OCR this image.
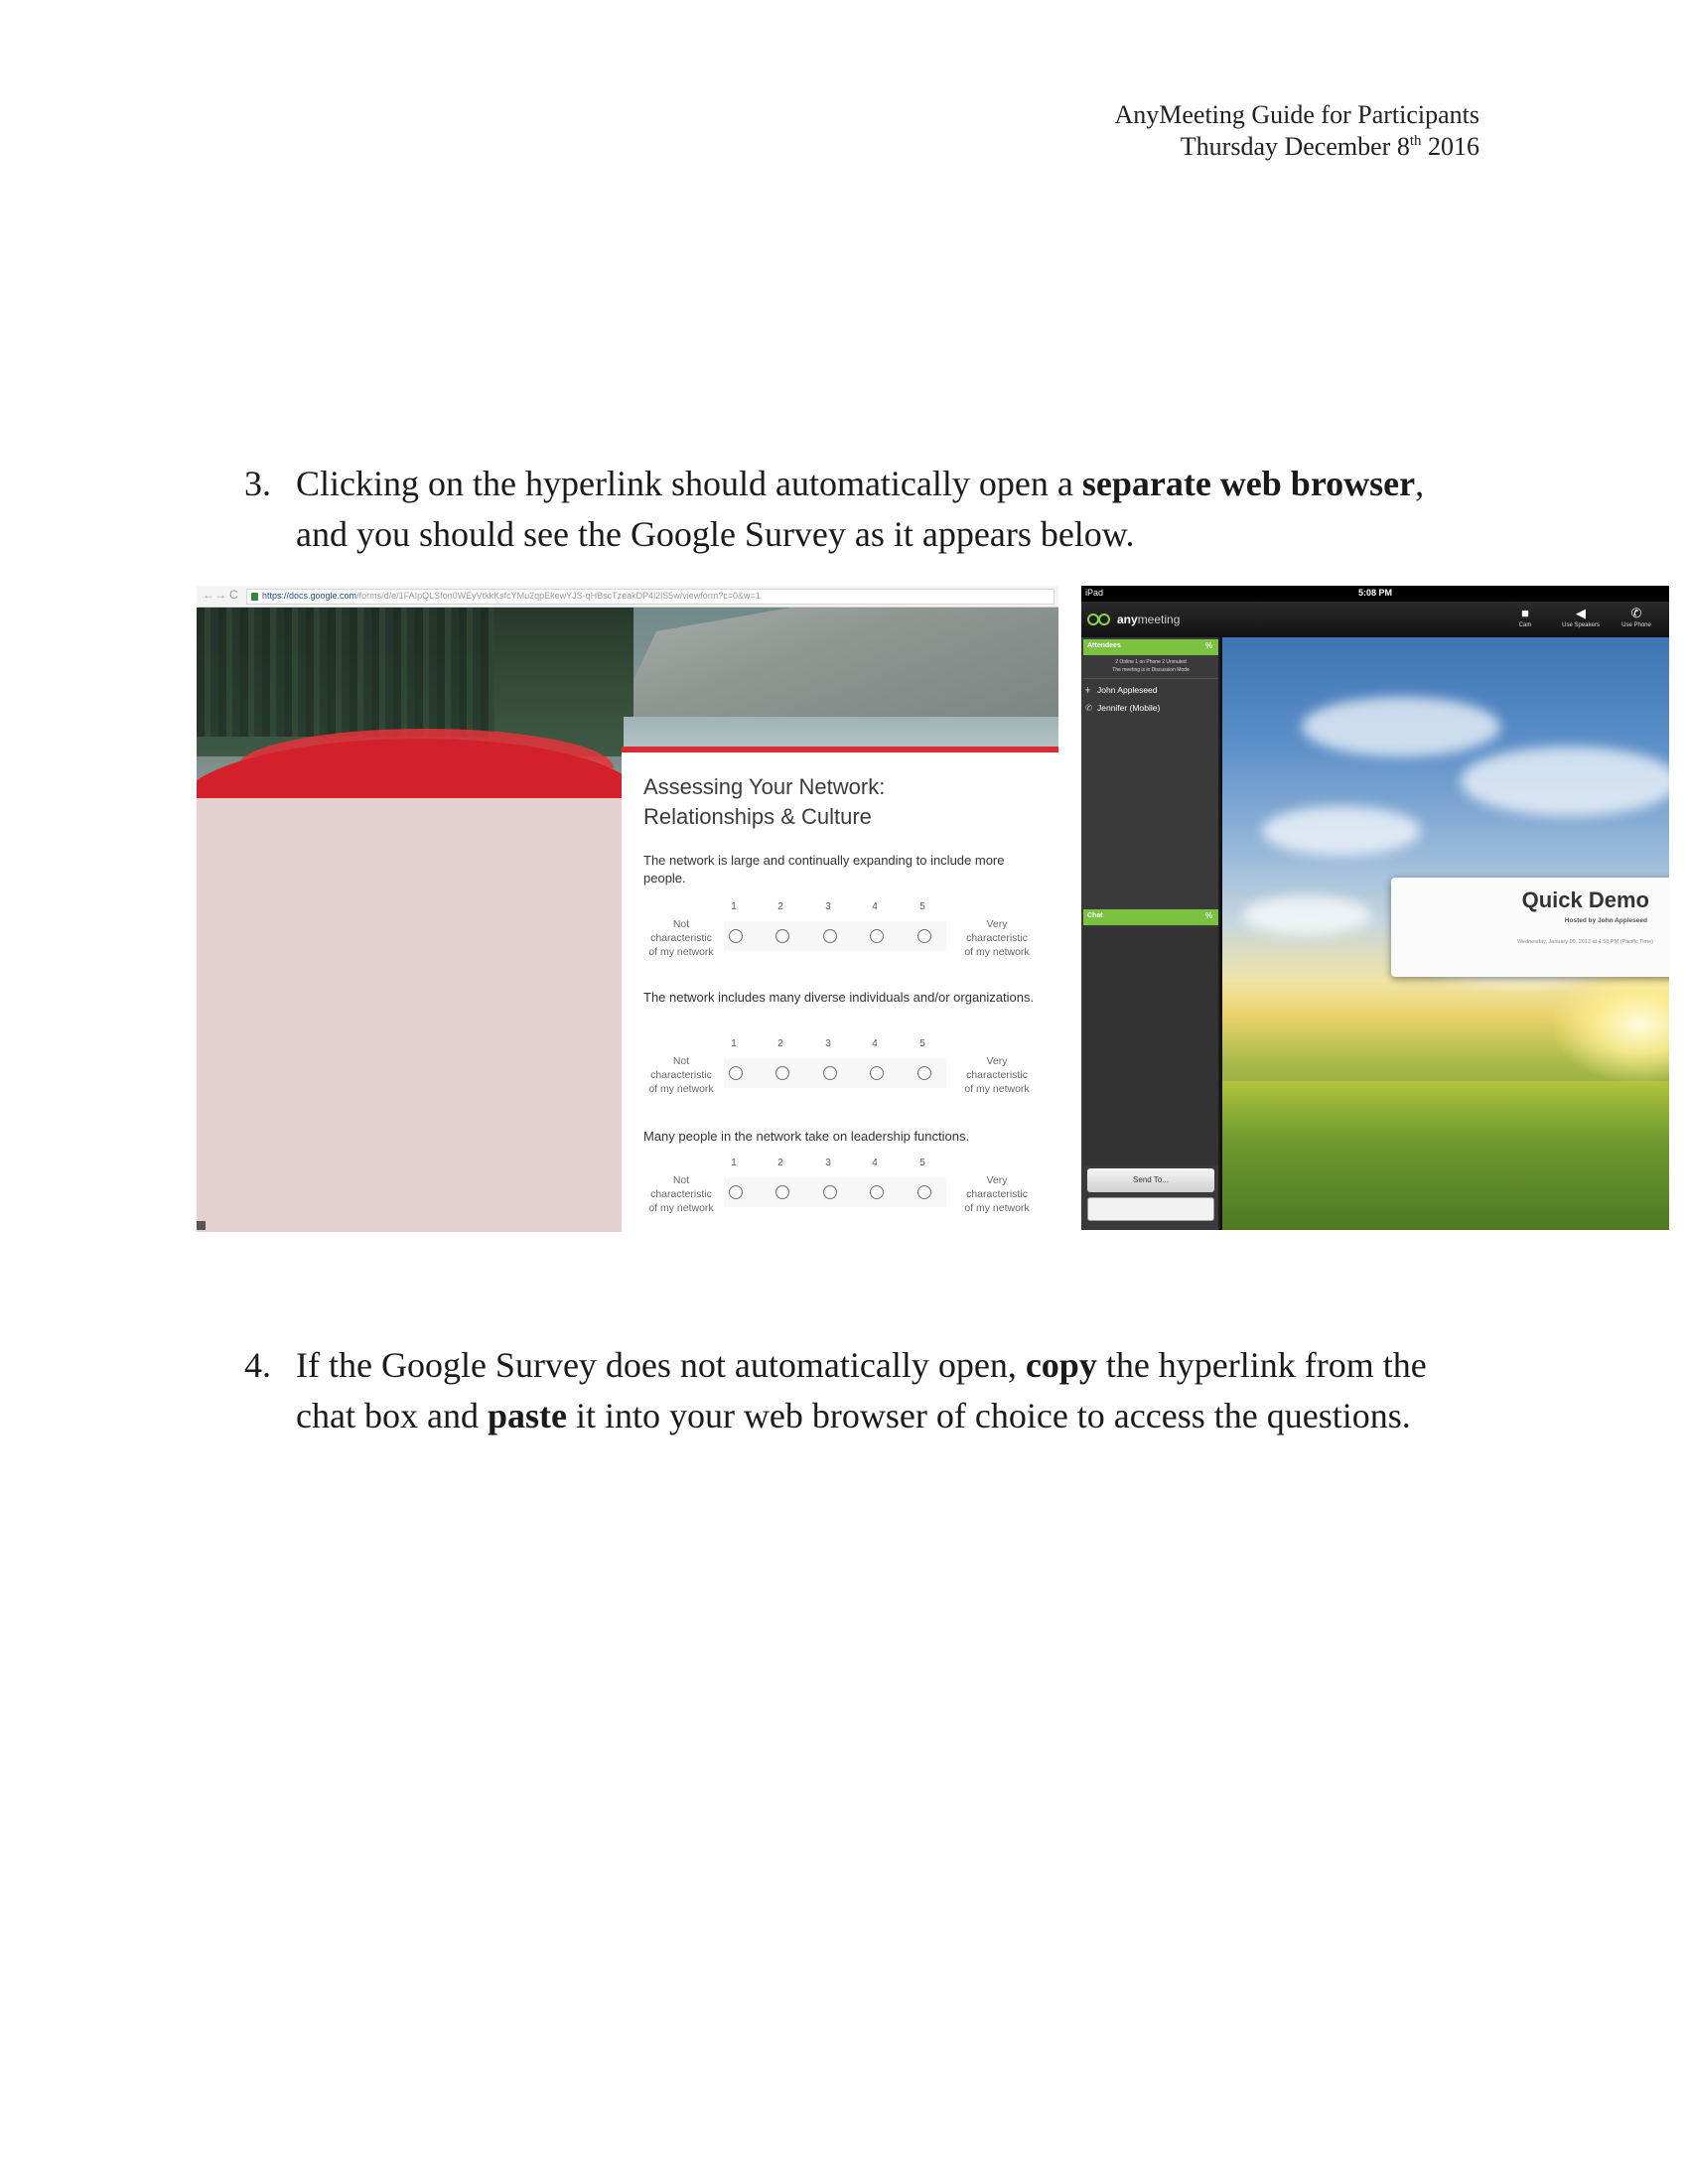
AnyMeeting Guide for Participants
Thursday December 8th 2016
3. Clicking on the hyperlink should automatically open a separate web browser,
and you should see the Google Survey as it appears below.
← → C	https://docs.google.com/forms/d/e/1FAIpQLSfon0WEyVtkkKsfcYMu2qpEkewYJS-qHBscTzeakDP4l2lS5w/viewform?c=0&w=1
Assessing Your Network:
Relationships & Culture
The network is large and continually expanding to include more people.
1	2	3	4	5
Not
characteristic
of my network
Very
characteristic
of my network
The network includes many diverse individuals and/or organizations.
1	2	3	4	5
Not
characteristic
of my network
Very
characteristic
of my network
Many people in the network take on leadership functions.
1	2	3	4	5
Not
characteristic
of my network
Very
characteristic
of my network
iPad	5:08 PM
anymeeting	■
Cam
◀
Use Speakers
✆
Use Phone
Attendees	%
2 Online 1 on Phone 2 Unmuted
The meeting is in Discussion Mode
ǂ John Appleseed
✆ Jennifer (Mobile)
Chat	%
Send To...
Quick Demo
Hosted by John Appleseed
Wednesday, January 09, 2013 at 4:58 PM (Pacific Time)
4. If the Google Survey does not automatically open, copy the hyperlink from the
chat box and paste it into your web browser of choice to access the questions.
